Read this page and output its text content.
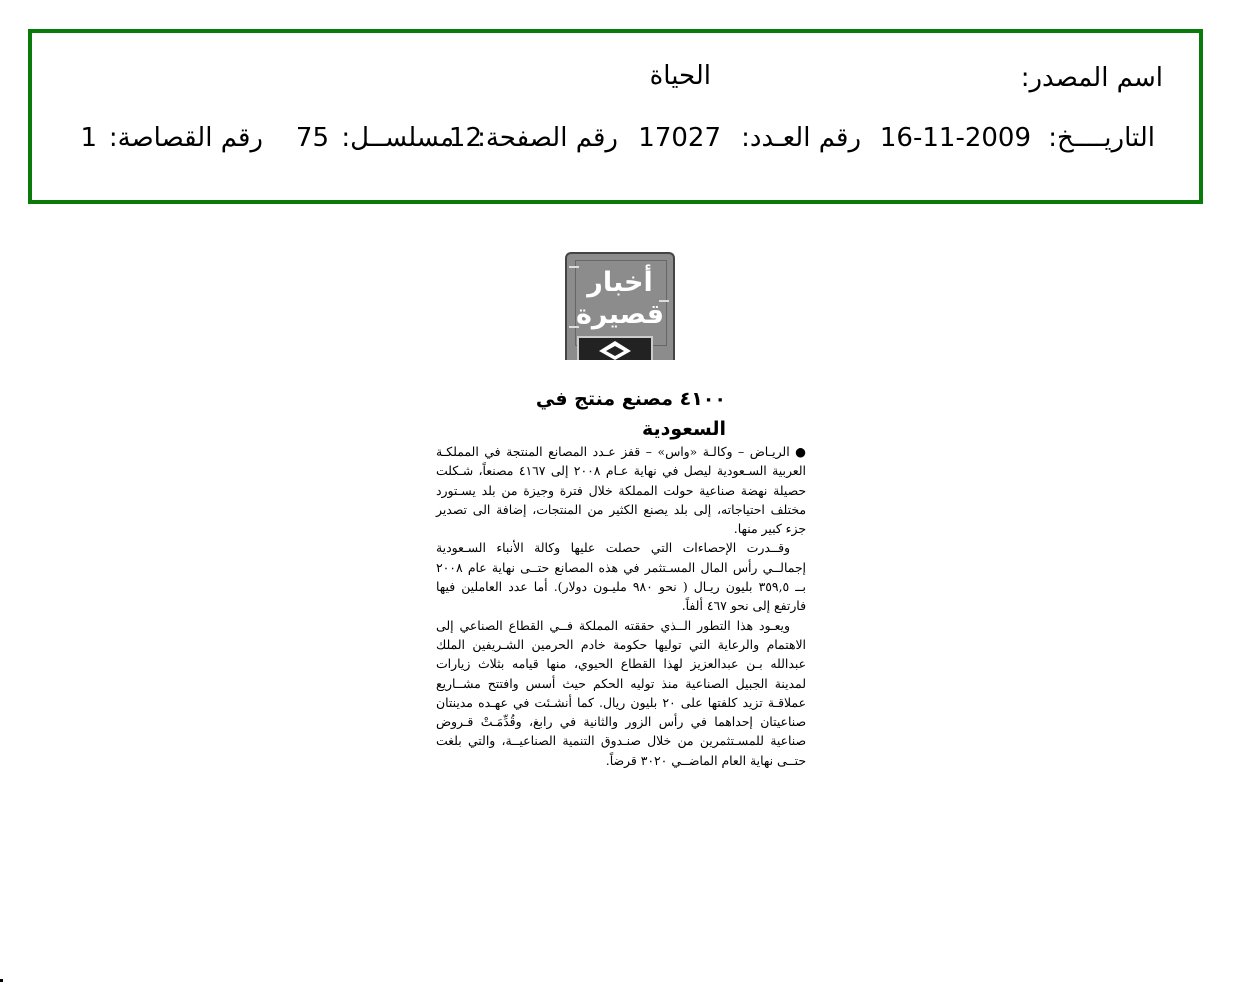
اسم المصدر:
الحياة
التاريــــخ:
16-11-2009
رقم العـدد:
17027
رقم الصفحة:
12
مسلســل:
75
رقم القصاصة:
1
أخبار
قصيرة
٤١٠٠ مصنع منتج في السعودية

● الريـاض – وكالـة «واس» – قفز عـدد المصانع المنتجة في المملكـة العربية السـعودية ليصل في نهاية عـام ٢٠٠٨ إلى ٤١٦٧ مصنعاً، شـكلت حصيلة نهضة صناعية حولت المملكة خلال فترة وجيزة من بلد يسـتورد مختلف احتياجاته، إلى بلد يصنع الكثير من المنتجات، إضافة الى تصدير جزء كبير منها.

وقــدرت الإحصاءات التي حصلت عليها وكالة الأنباء السـعودية إجمالــي رأس المال المسـتثمر في هذه المصانع حتــى نهاية عام ٢٠٠٨ بــ ٣٥٩,٥ بليون ريـال ( نحو ٩٨٠ مليـون دولار). أما عدد العاملين فيها فارتفع إلى نحو ٤٦٧ ألفاً.

ويعـود هذا التطور الــذي حققته المملكة فــي القطاع الصناعي إلى الاهتمام والرعاية التي توليها حكومة خادم الحرمين الشـريفين الملك عبدالله بـن عبدالعزيز لهذا القطاع الحيوي، منها قيامه بثلاث زيارات لمدينة الجبيل الصناعية منذ توليه الحكم حيث أسس وافتتح مشــاريع عملاقـة تزيد كلفتها على ٢٠ بليون ريال. كما أنشـئت في عهـده مدينتان صناعيتان إحداهما في رأس الزور والثانية في رابغ، وقُدِّمَـتْ قـروض صناعية للمسـتثمرين من خلال صنـدوق التنمية الصناعيــة، والتي بلغت حتــى نهاية العام الماضــي ٣٠٢٠ قرضاً.
